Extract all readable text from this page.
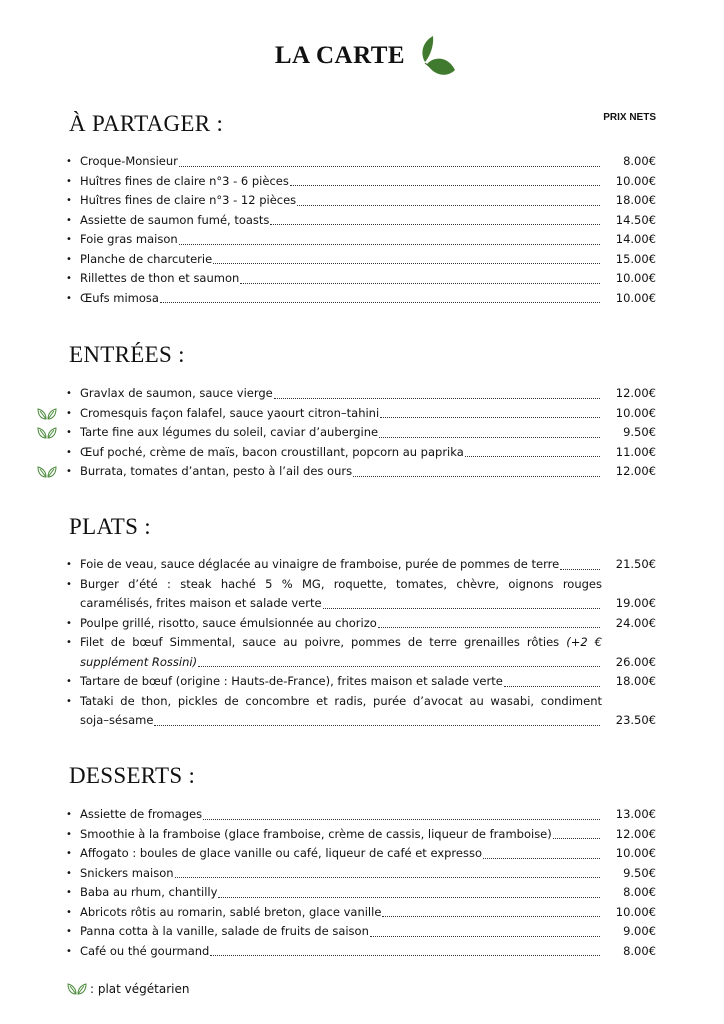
LA CARTE
PRIX NETS
À PARTAGER :
• Croque-Monsieur	8.00€
• Huîtres fines de claire n°3 - 6 pièces	10.00€
• Huîtres fines de claire n°3 - 12 pièces	18.00€
• Assiette de saumon fumé, toasts	14.50€
• Foie gras maison	14.00€
• Planche de charcuterie	15.00€
• Rillettes de thon et saumon	10.00€
• Œufs mimosa	10.00€
ENTRÉES :
• Gravlax de saumon, sauce vierge	12.00€
• Cromesquis façon falafel, sauce yaourt citron–tahini	10.00€
• Tarte fine aux légumes du soleil, caviar d’aubergine	9.50€
• Œuf poché, crème de maïs, bacon croustillant, popcorn au paprika	11.00€
• Burrata, tomates d’antan, pesto à l’ail des ours	12.00€
PLATS :
• Foie de veau, sauce déglacée au vinaigre de framboise, purée de pommes de terre	21.50€
• Burger d’été : steak haché 5 % MG, roquette, tomates, chèvre, oignons rouges
caramélisés, frites maison et salade verte	19.00€
• Poulpe grillé, risotto, sauce émulsionnée au chorizo	24.00€
• Filet de bœuf Simmental, sauce au poivre, pommes de terre grenailles rôties (+2 €
supplément Rossini)	26.00€
• Tartare de bœuf (origine : Hauts-de-France), frites maison et salade verte	18.00€
• Tataki de thon, pickles de concombre et radis, purée d’avocat au wasabi, condiment
soja–sésame	23.50€
DESSERTS :
• Assiette de fromages	13.00€
• Smoothie à la framboise (glace framboise, crème de cassis, liqueur de framboise)	12.00€
• Affogato : boules de glace vanille ou café, liqueur de café et expresso	10.00€
• Snickers maison	9.50€
• Baba au rhum, chantilly	8.00€
• Abricots rôtis au romarin, sablé breton, glace vanille	10.00€
• Panna cotta à la vanille, salade de fruits de saison	9.00€
• Café ou thé gourmand	8.00€
: plat végétarien
